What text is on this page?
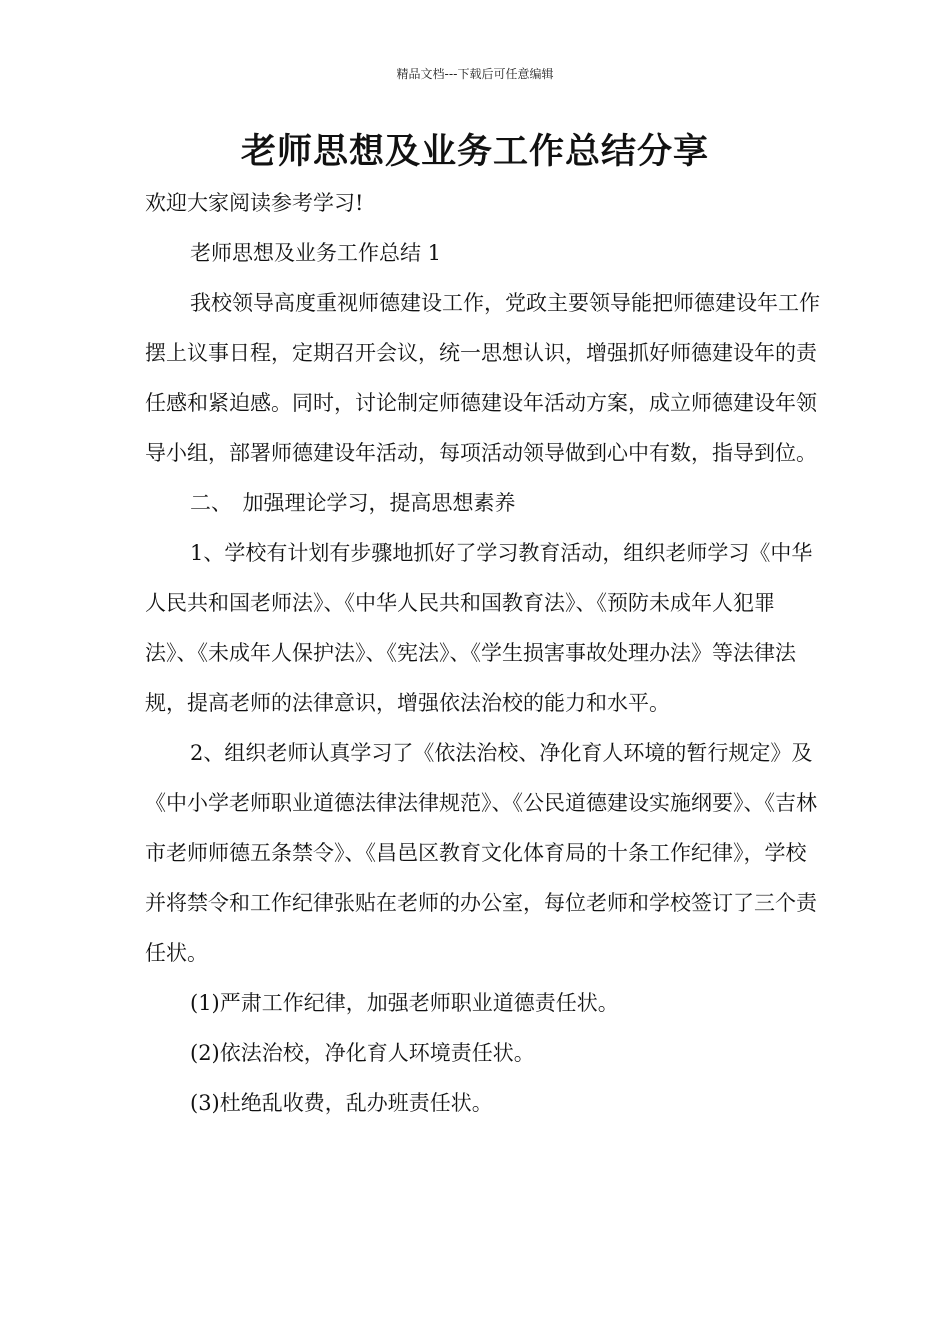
精品文档---下载后可任意编辑
老师思想及业务工作总结分享

欢迎大家阅读参考学习!

老师思想及业务工作总结 1

我校领导高度重视师德建设工作，党政主要领导能把师德建设年工作摆上议事日程，定期召开会议，统一思想认识，增强抓好师德建设年的责任感和紧迫感。同时，讨论制定师德建设年活动方案，成立师德建设年领导小组，部署师德建设年活动，每项活动领导做到心中有数，指导到位。

二、　加强理论学习，提高思想素养

1、学校有计划有步骤地抓好了学习教育活动，组织老师学习《中华人民共和国老师法》、《中华人民共和国教育法》、《预防未成年人犯罪法》、《未成年人保护法》、《宪法》、《学生损害事故处理办法》等法律法规，提高老师的法律意识，增强依法治校的能力和水平。

2、组织老师认真学习了《依法治校、净化育人环境的暂行规定》及《中小学老师职业道德法律法律规范》、《公民道德建设实施纲要》、《吉林市老师师德五条禁令》、《昌邑区教育文化体育局的十条工作纪律》，学校并将禁令和工作纪律张贴在老师的办公室，每位老师和学校签订了三个责任状。

(1)严肃工作纪律，加强老师职业道德责任状。

(2)依法治校，净化育人环境责任状。

(3)杜绝乱收费，乱办班责任状。
